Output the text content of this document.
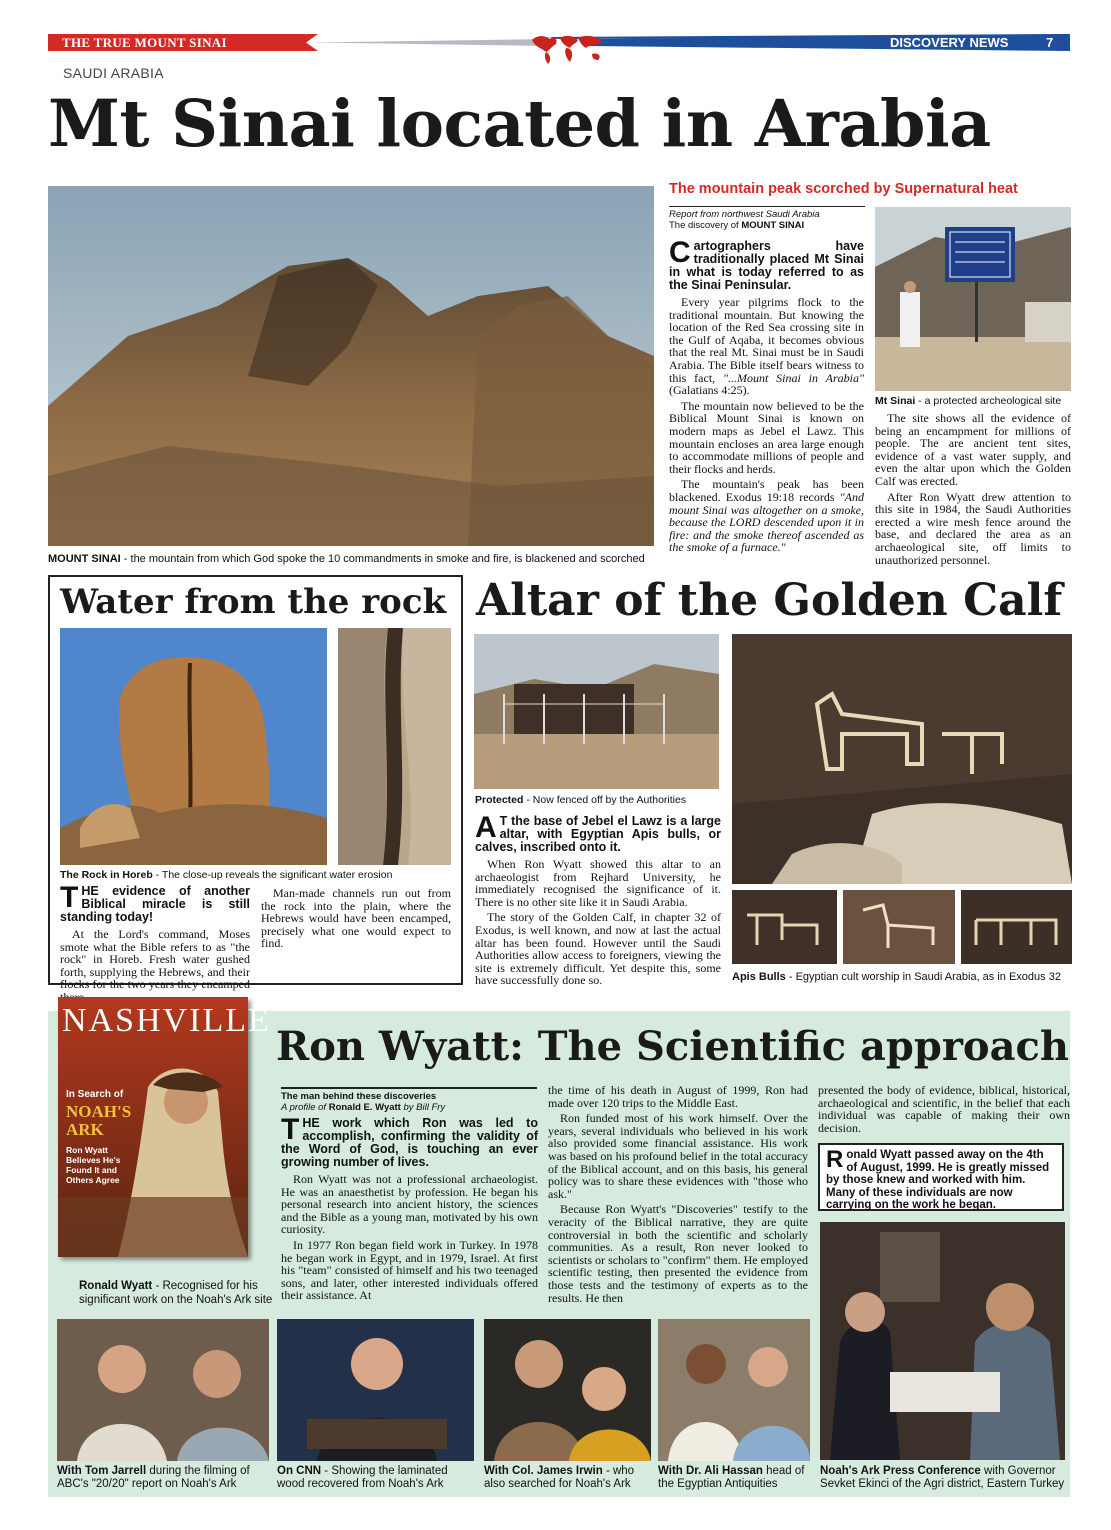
THE TRUE MOUNT SINAI	DISCOVERY NEWS	7
SAUDI ARABIA
Mt Sinai located in Arabia
MOUNT SINAI - the mountain from which God spoke the 10 commandments in smoke and fire, is blackened and scorched
The mountain peak scorched by Supernatural heat
Report from northwest Saudi Arabia
The discovery of MOUNT SINAI
Cartographers have traditionally placed Mt Sinai in what is today referred to as the Sinai Peninsular.

Every year pilgrims flock to the traditional mountain. But knowing the location of the Red Sea crossing site in the Gulf of Aqaba, it becomes obvious that the real Mt. Sinai must be in Saudi Arabia. The Bible itself bears witness to this fact, "...Mount Sinai in Arabia" (Galatians 4:25).

The mountain now believed to be the Biblical Mount Sinai is known on modern maps as Jebel el Lawz. This mountain encloses an area large enough to accommodate millions of people and their flocks and herds.

The mountain's peak has been blackened. Exodus 19:18 records "And mount Sinai was altogether on a smoke, because the LORD descended upon it in fire: and the smoke thereof ascended as the smoke of a furnace."

Mt Sinai - a protected archeological site

The site shows all the evidence of being an encampment for millions of people. The are ancient tent sites, evidence of a vast water supply, and even the altar upon which the Golden Calf was erected.

After Ron Wyatt drew attention to this site in 1984, the Saudi Authorities erected a wire mesh fence around the base, and declared the area as an archaeological site, off limits to unauthorized personnel.

Water from the rock
The Rock in Horeb - The close-up reveals the significant water erosion
THE evidence of another Biblical miracle is still standing today!

At the Lord's command, Moses smote what the Bible refers to as "the rock" in Horeb. Fresh water gushed forth, supplying the Hebrews, and their flocks for the two years they encamped

Man-made channels run out from the rock into the plain, where the Hebrews would have been encamped, precisely what one would expect to find.

Altar of the Golden Calf
Protected - Now fenced off by the Authorities
A T the base of Jebel el Lawz is a large altar, with Egyptian Apis bulls, or calves, inscribed onto it.

When Ron Wyatt showed this altar to an archaeologist from Rejhard University, he immediately recognised the significance of it. There is no other site like it in Saudi Arabia.

The story of the Golden Calf, in chapter 32 of Exodus, is well known, and now at last the actual altar has been found. However until the Saudi Authorities allow access to foreigners, viewing the site is extremely difficult. Yet despite this, some have successfully done so.	Apis Bulls - Egyptian cult worship in Saudi Arabia, as in Exodus 32
Ron Wyatt: The Scientific approach
NASHVILLE
In Search of
NOAH'S ARK
Ron Wyatt Believes He's Found It and Others Agree
Ronald Wyatt - Recognised for his significant work on the Noah's Ark site
The man behind these discoveries
A profile of Ronald E. Wyatt by Bill Fry
THE work which Ron was led to accomplish, confirming the validity of the Word of God, is touching an ever growing number of lives.

Ron Wyatt was not a professional archaeologist. He was an anaesthetist by profession. He began his personal research into ancient history, the sciences and the Bible as a young man, motivated by his own curiosity.

In 1977 Ron began field work in Turkey. In 1978 he began work in Egypt, and in 1979, Israel. At first his "team" consisted of himself and his two teenaged sons, and later, other interested individuals offered their assistance. At

the time of his death in August of 1999, Ron had made over 120 trips to the Middle East.

Ron funded most of his work himself. Over the years, several individuals who believed in his work also provided some financial assistance. His work was based on his profound belief in the total accuracy of the Biblical account, and on this basis, his general policy was to share these evidences with "those who ask."

Because Ron Wyatt's "Discoveries" testify to the veracity of the Biblical narrative, they are quite controversial in both the scientific and scholarly communities. As a result, Ron never looked to scientists or scholars to "confirm" them. He employed scientific testing, then presented the evidence from those tests and the testimony of experts as to the results. He then

presented the body of evidence, biblical, historical, archaeological and scientific, in the belief that each individual was capable of making their own decision.

Ronald Wyatt passed away on the 4th of August, 1999. He is greatly missed by those knew and worked with him. Many of these individuals are now carrying on the work he began.
With Tom Jarrell during the filming of ABC's "20/20" report on Noah's Ark
On CNN - Showing the laminated wood recovered from Noah's Ark
With Col. James Irwin - who also searched for Noah's Ark
With Dr. Ali Hassan head of the Egyptian Antiquities
Noah's Ark Press Conference with Governor Sevket Ekinci of the Agri district, Eastern Turkey
